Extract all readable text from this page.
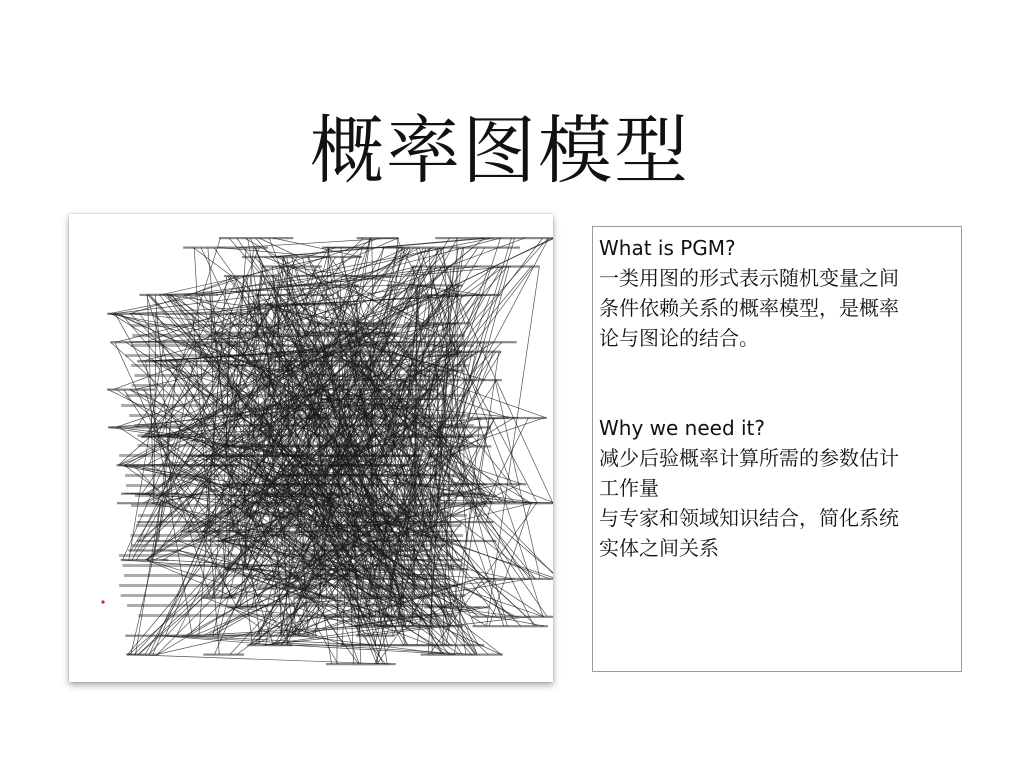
概率图模型

What is PGM?

一类用图的形式表示随机变量之间

条件依赖关系的概率模型，是概率

论与图论的结合。

Why we need it?

减少后验概率计算所需的参数估计

工作量

与专家和领域知识结合，简化系统

实体之间关系
